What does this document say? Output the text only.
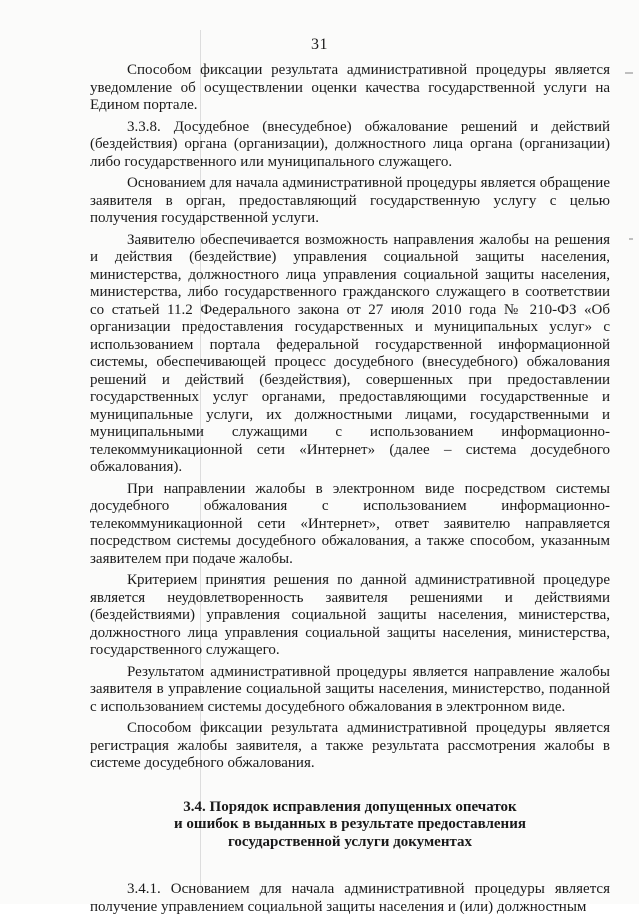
31

Способом фиксации результата административной процедуры является уведомление об осуществлении оценки качества государственной услуги на Едином портале.

3.3.8. Досудебное (внесудебное) обжалование решений и действий (бездействия) органа (организации), должностного лица органа (организации) либо государственного или муниципального служащего.

Основанием для начала административной процедуры является обращение заявителя в орган, предоставляющий государственную услугу с целью получения государственной услуги.

Заявителю обеспечивается возможность направления жалобы на решения и действия (бездействие) управления социальной защиты населения, министерства, должностного лица управления социальной защиты населения, министерства, либо государственного гражданского служащего в соответствии со статьей 11.2 Федерального закона от 27 июля 2010 года № 210-ФЗ «Об организации предоставления государственных и муниципальных услуг» с использованием портала федеральной государственной информационной системы, обеспечивающей процесс досудебного (внесудебного) обжалования решений и действий (бездействия), совершенных при предоставлении государственных услуг органами, предоставляющими государственные и муниципальные услуги, их должностными лицами, государственными и муниципальными служащими с использованием информационно-телекоммуникационной сети «Интернет» (далее – система досудебного обжалования).

При направлении жалобы в электронном виде посредством системы досудебного обжалования с использованием информационно-телекоммуникационной сети «Интернет», ответ заявителю направляется посредством системы досудебного обжалования, а также способом, указанным заявителем при подаче жалобы.

Критерием принятия решения по данной административной процедуре является неудовлетворенность заявителя решениями и действиями (бездействиями) управления социальной защиты населения, министерства, должностного лица управления социальной защиты населения, министерства, государственного служащего.

Результатом административной процедуры является направление жалобы заявителя в управление социальной защиты населения, министерство, поданной с использованием системы досудебного обжалования в электронном виде.

Способом фиксации результата административной процедуры является регистрация жалобы заявителя, а также результата рассмотрения жалобы в системе досудебного обжалования.

3.4. Порядок исправления допущенных опечаток
и ошибок в выданных в результате предоставления
государственной услуги документах

3.4.1. Основанием для начала административной процедуры является получение управлением социальной защиты населения и (или) должностным
